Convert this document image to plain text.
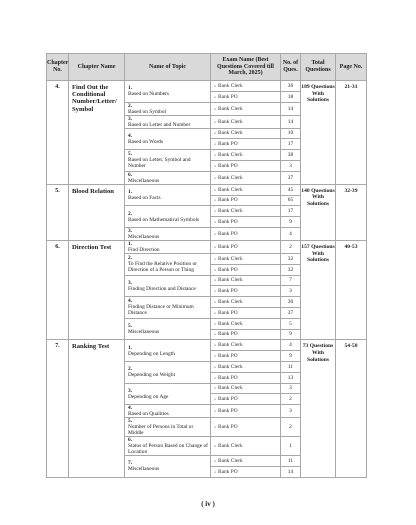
Chapter No.	Chapter Name	Name of Topic	Exam Name (Best Questions Covered till March, 2025)	No. of Ques.	Total Questions	Page No.
4.	Find Out the Conditional Number/Letter/ Symbol	1.Based on Numbers	» Bank Clerk	36	189 Questions With Solutions	21-31
			» Bank PO	18		
		2.Based on Symbol	» Bank Clerk	14		
		3.Based on Letter and Number	» Bank Clerk	14		
		4.Based on Words	» Bank Clerk	10		
			» Bank PO	17		
		5.Based on Letter, Symbol and Number	» Bank Clerk	38		
			» Bank PO	3		
		6.Miscellaneous	» Bank Clerk	37		
5.	Blood Relation	1.Based on Facts	» Bank Clerk	45	140 Questions With Solutions	32-39
			» Bank PO	65		
		2.Based on Mathematical Symbols	» Bank Clerk	17		
			» Bank PO	9		
		3.Miscellaneous	» Bank PO	4		
6.	Direction Test	1.Find Direction	» Bank PO	2	157 Questions With Solutions	40-53
		2.To Find the Relative Position or Direction of a Person or Thing	» Bank Clerk	32		
			» Bank PO	32		
		3.Finding Direction and Distance	» Bank Clerk	7		
			» Bank PO	3		
		4.Finding Distance or Minimum Distance	» Bank Clerk	30		
			» Bank PO	37		
		5.Miscellaneous	» Bank Clerk	5		
			» Bank PO	9		
7.	Ranking Test	1.Depending on Length	» Bank Clerk	4	73 Questions With Solutions	54-58
			» Bank PO	9		
		2.Depending on Weight	» Bank Clerk	11		
			» Bank PO	13		
		3.Depending on Age	» Bank Clerk	3		
			» Bank PO	2		
		4.Based on Qualities	» Bank PO	3		
		5.Number of Persons in Total or Middle	» Bank PO	2		
		6.Status of Person Based on Change of Location	» Bank Clerk	1		
		7.Miscellaneous	» Bank Clerk	11		
			» Bank PO	14		
( iv )
